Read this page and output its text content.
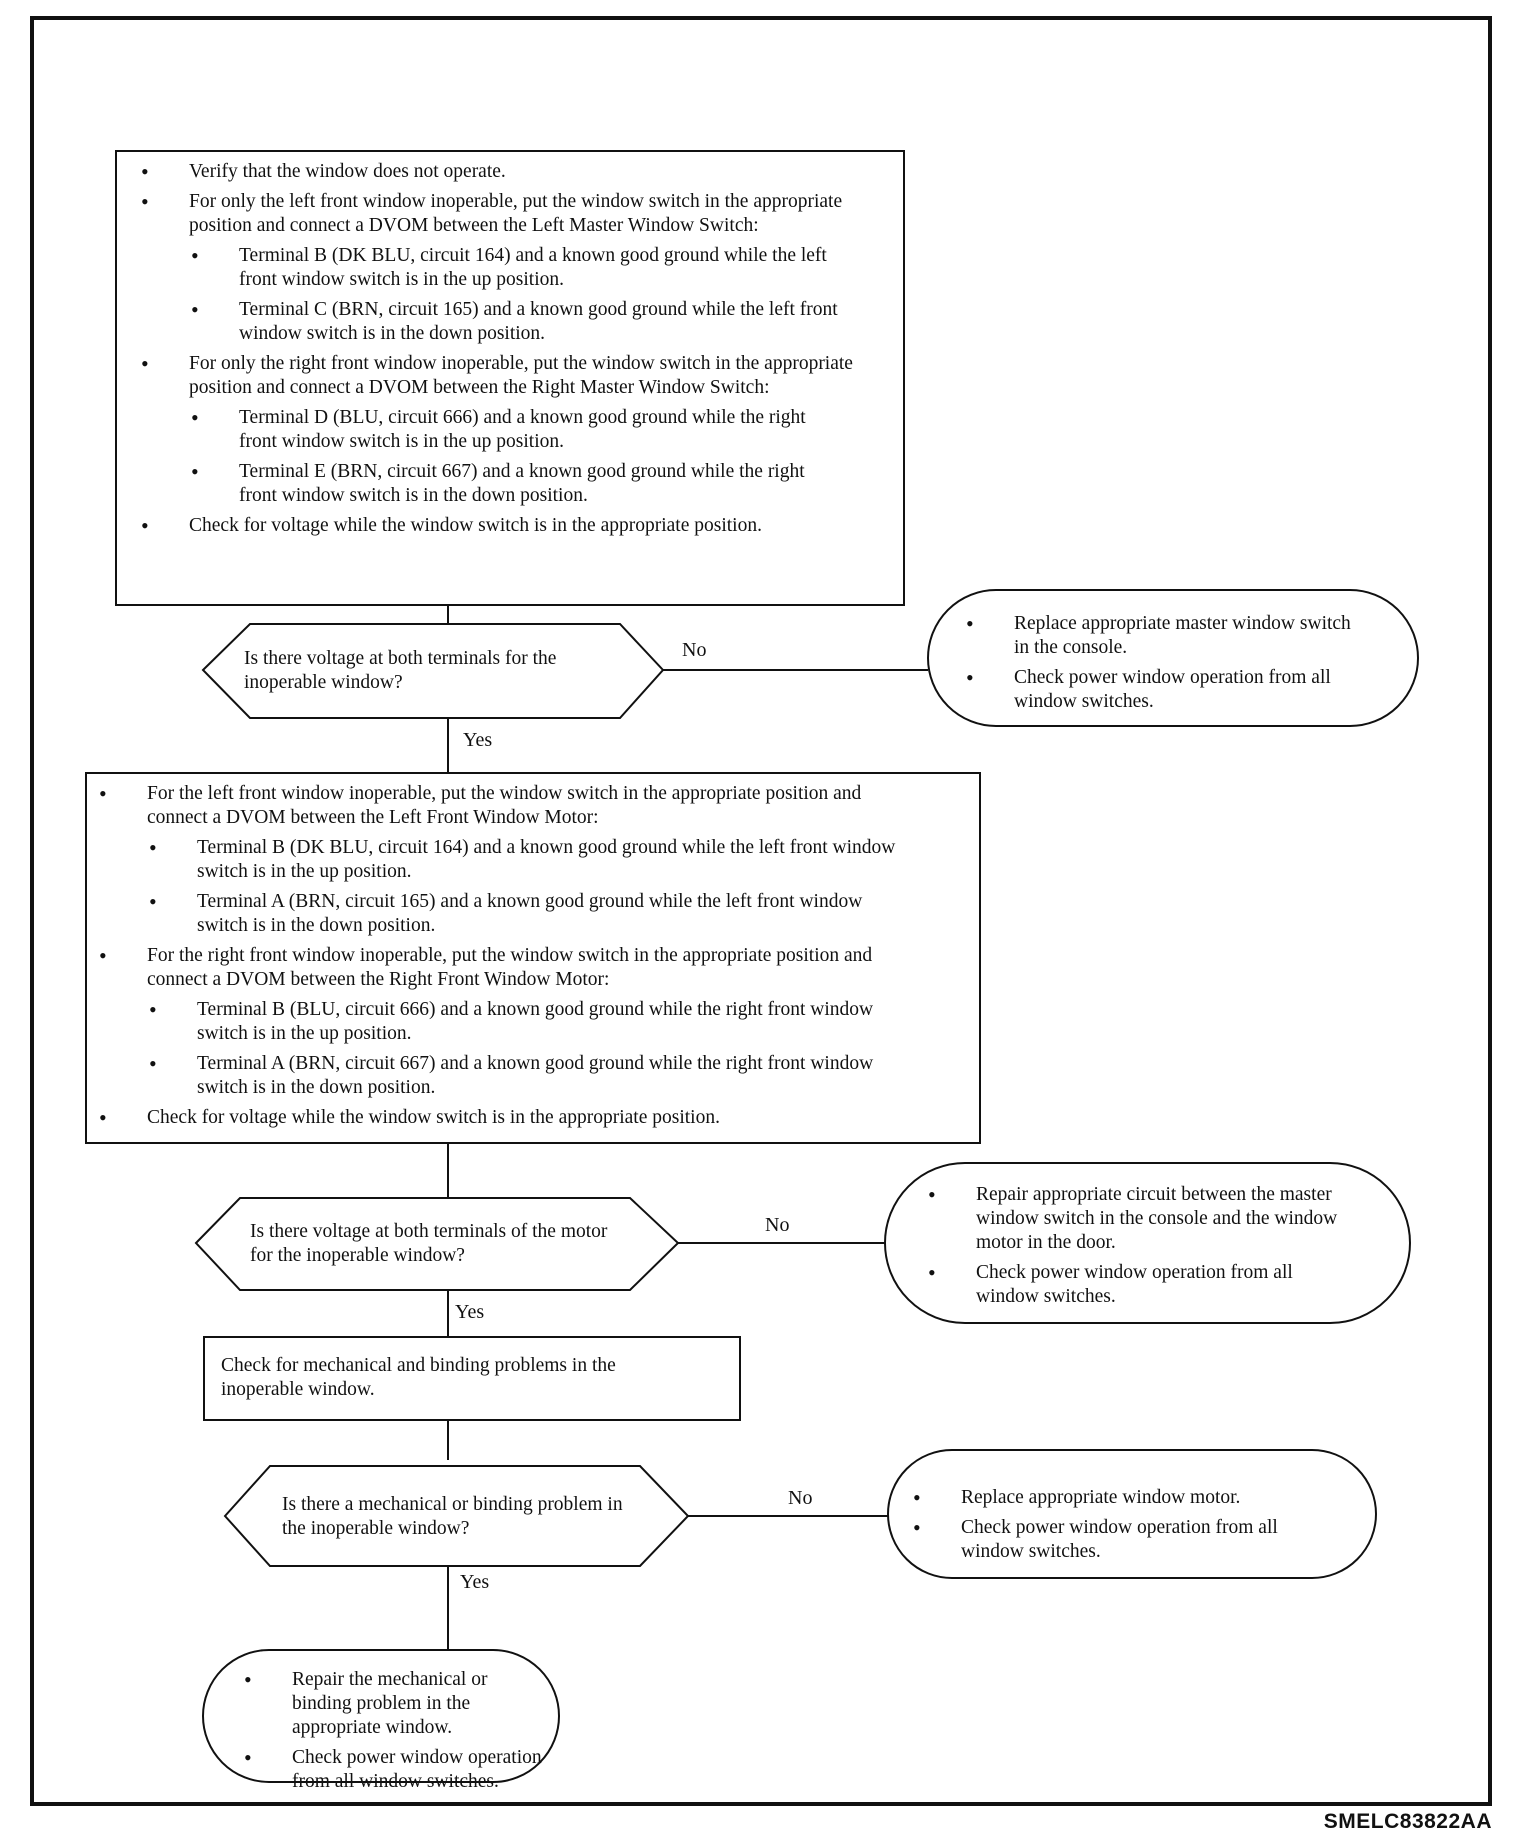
• Verify that the window does not operate.
• For only the left front window inoperable, put the window switch in the appropriate position and connect a DVOM between the Left Master Window Switch:
• Terminal B (DK BLU, circuit 164) and a known good ground while the left front window switch is in the up position.
• Terminal C (BRN, circuit 165) and a known good ground while the left front window switch is in the down position.
• For only the right front window inoperable, put the window switch in the appropriate position and connect a DVOM between the Right Master Window Switch:
• Terminal D (BLU, circuit 666) and a known good ground while the right front window switch is in the up position.
• Terminal E (BRN, circuit 667) and a known good ground while the right front window switch is in the down position.
• Check for voltage while the window switch is in the appropriate position.
Is there voltage at both terminals for the inoperable window?
No
Yes
• Replace appropriate master window switch in the console.
• Check power window operation from all window switches.
• For the left front window inoperable, put the window switch in the appropriate position and connect a DVOM between the Left Front Window Motor:
• Terminal B (DK BLU, circuit 164) and a known good ground while the left front window switch is in the up position.
• Terminal A (BRN, circuit 165) and a known good ground while the left front window switch is in the down position.
• For the right front window inoperable, put the window switch in the appropriate position and connect a DVOM between the Right Front Window Motor:
• Terminal B (BLU, circuit 666) and a known good ground while the right front window switch is in the up position.
• Terminal A (BRN, circuit 667) and a known good ground while the right front window switch is in the down position.
• Check for voltage while the window switch is in the appropriate position.
Is there voltage at both terminals of the motor for the inoperable window?
No
Yes
• Repair appropriate circuit between the master window switch in the console and the window motor in the door.
• Check power window operation from all window switches.
Check for mechanical and binding problems in the inoperable window.
Is there a mechanical or binding problem in the inoperable window?
No
Yes
• Replace appropriate window motor.
• Check power window operation from all window switches.
• Repair the mechanical or binding problem in the appropriate window.
• Check power window operation from all window switches.
SMELC83822AA
